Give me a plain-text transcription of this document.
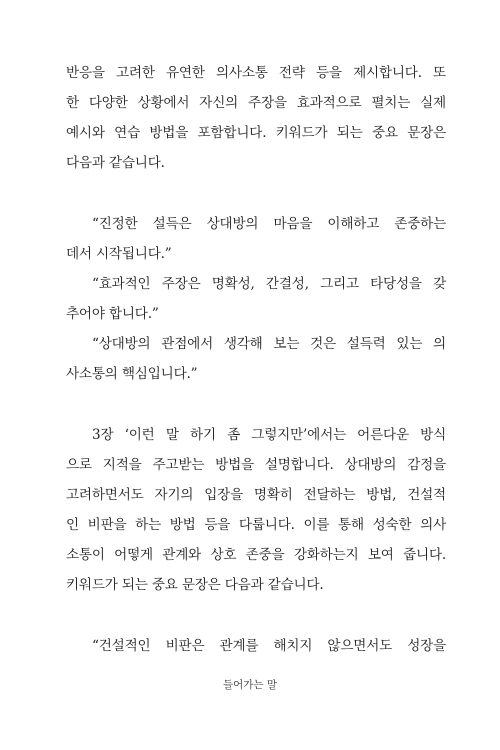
반응을 고려한 유연한 의사소통 전략 등을 제시합니다. 또
한 다양한 상황에서 자신의 주장을 효과적으로 펼치는 실제
예시와 연습 방법을 포함합니다. 키워드가 되는 중요 문장은
다음과 같습니다.
“진정한 설득은 상대방의 마음을 이해하고 존중하는
데서 시작됩니다.”
“효과적인 주장은 명확성, 간결성, 그리고 타당성을 갖
추어야 합니다.”
“상대방의 관점에서 생각해 보는 것은 설득력 있는 의
사소통의 핵심입니다.”
3장 ‘이런 말 하기 좀 그렇지만’에서는 어른다운 방식
으로 지적을 주고받는 방법을 설명합니다. 상대방의 감정을
고려하면서도 자기의 입장을 명확히 전달하는 방법, 건설적
인 비판을 하는 방법 등을 다룹니다. 이를 통해 성숙한 의사
소통이 어떻게 관계와 상호 존중을 강화하는지 보여 줍니다.
키워드가 되는 중요 문장은 다음과 같습니다.
“건설적인 비판은 관계를 해치지 않으면서도 성장을
들어가는 말
